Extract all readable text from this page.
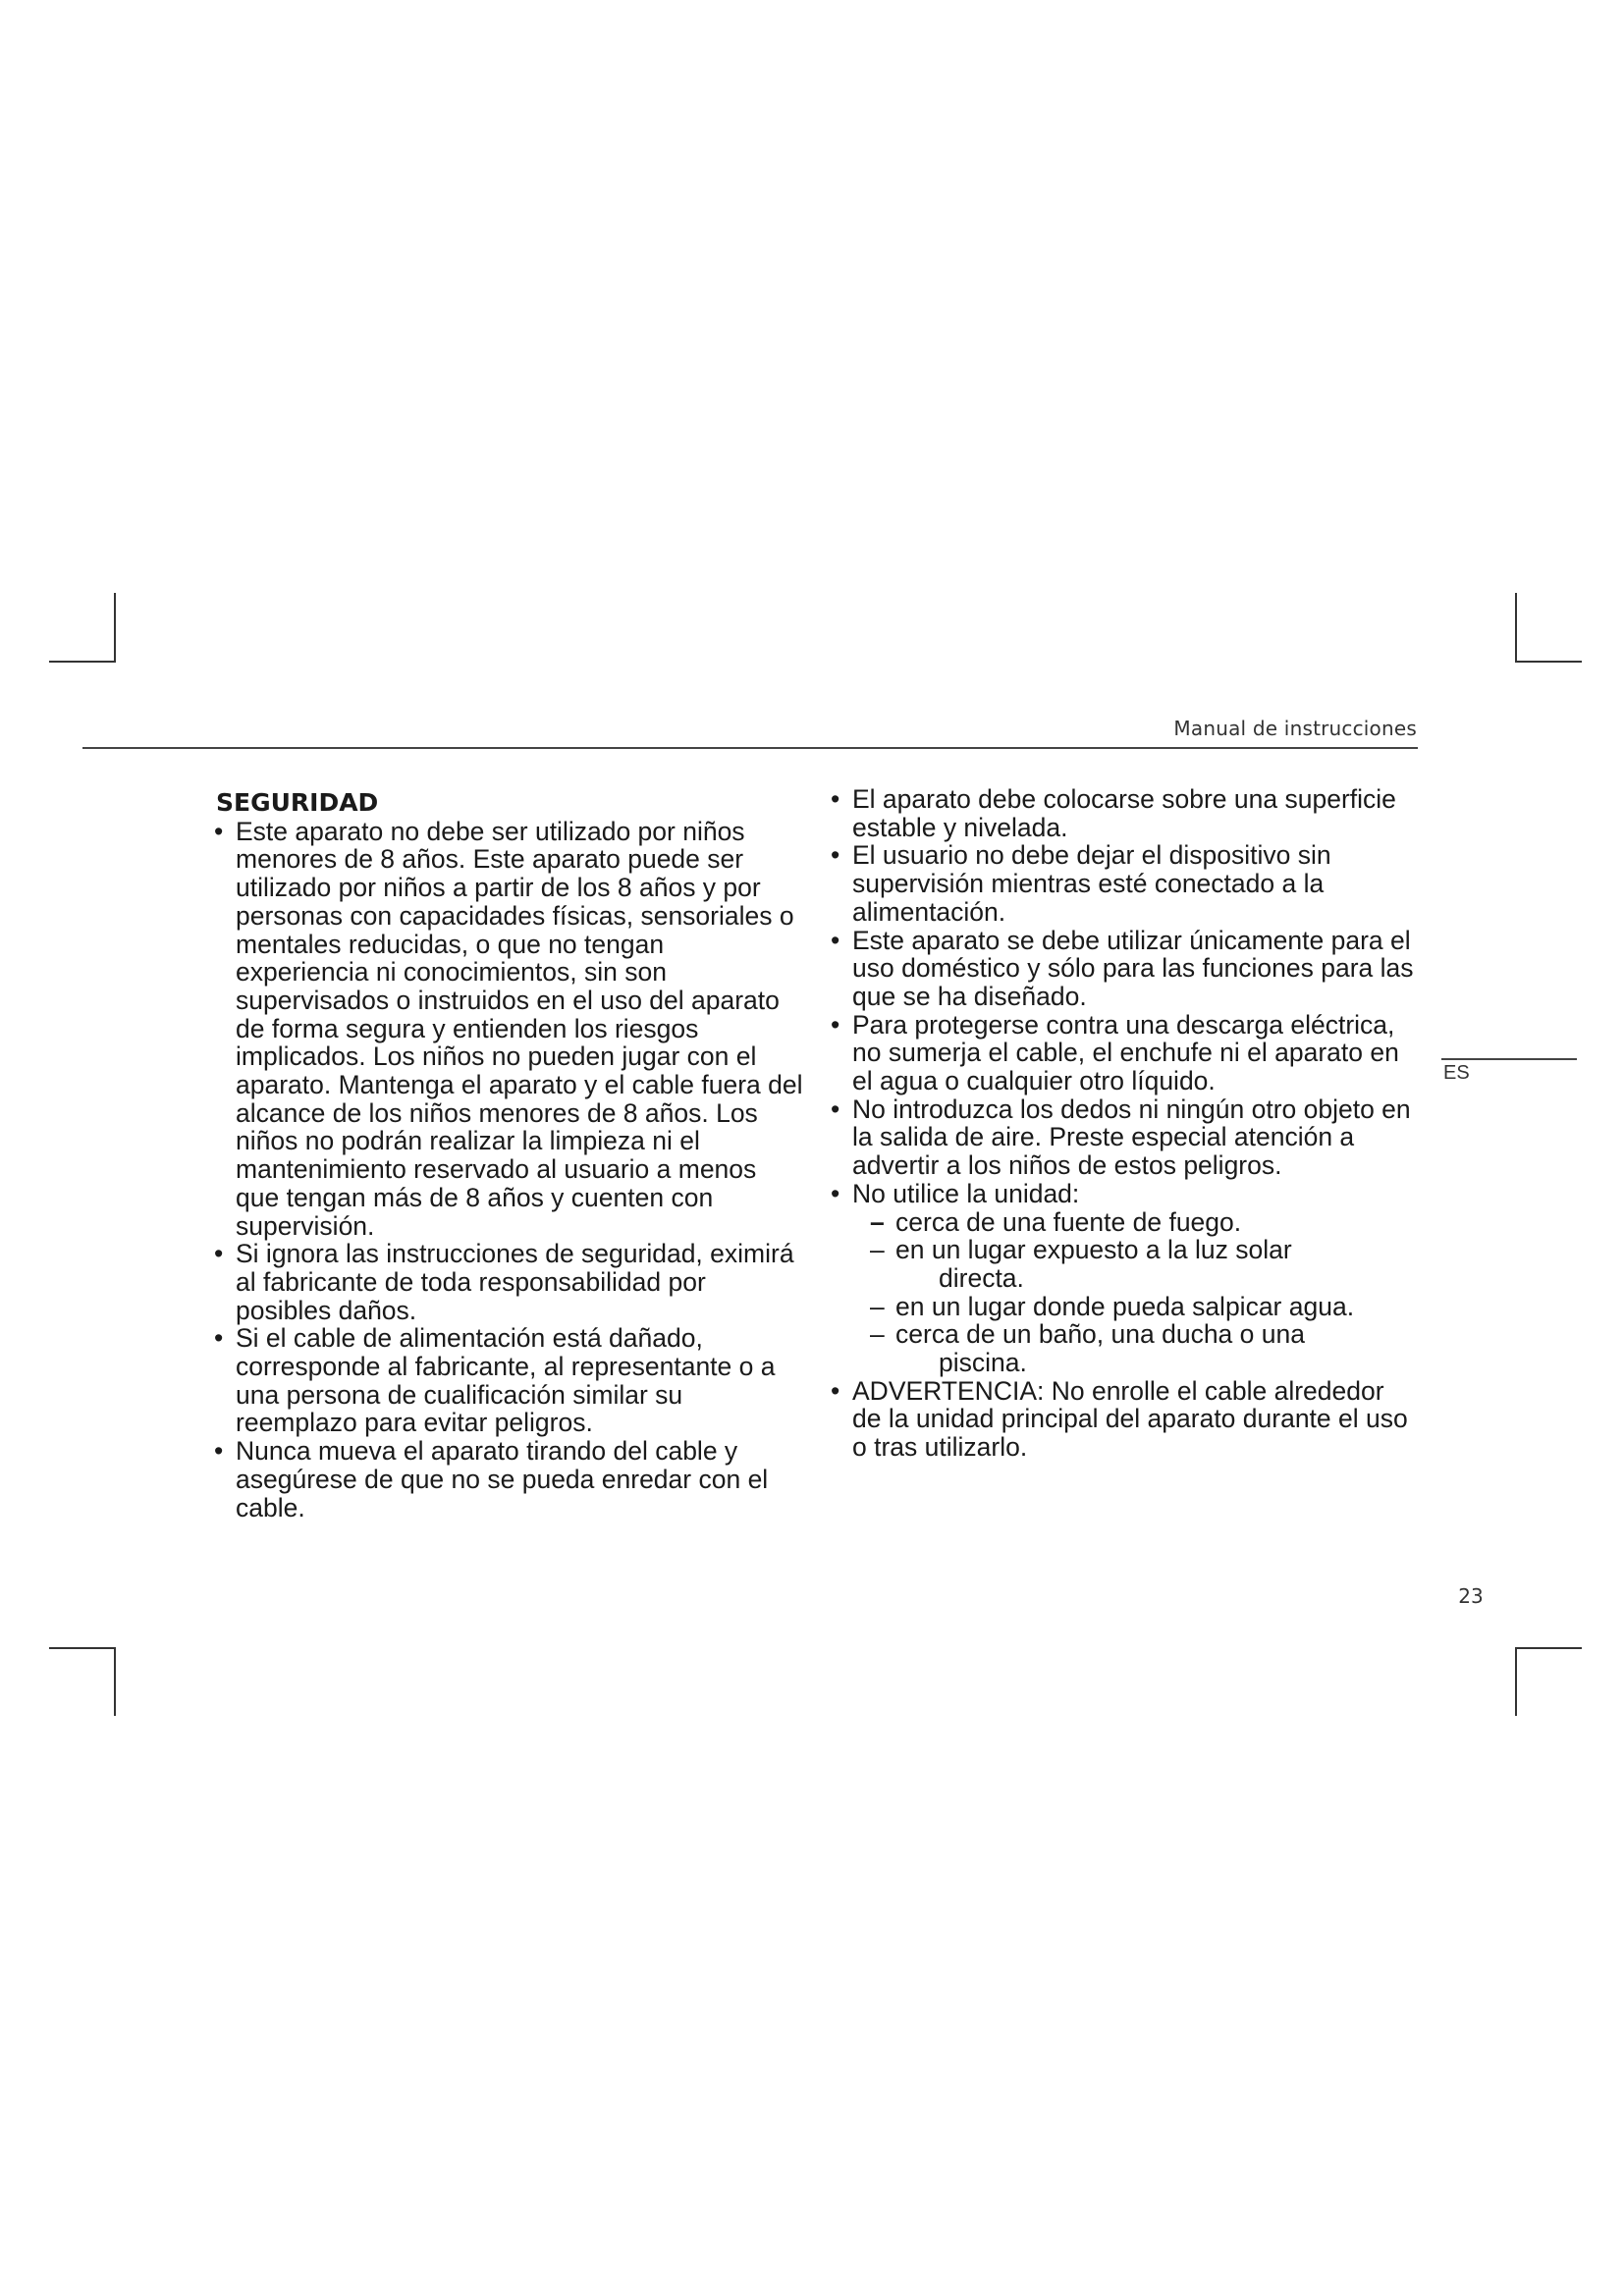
Manual de instrucciones
SEGURIDAD
• Este aparato no debe ser utilizado por niños menores de 8 años. Este aparato puede ser utilizado por niños a partir de los 8 años y por personas con capacidades físicas, sensoriales o mentales reducidas, o que no tengan experiencia ni conocimientos, sin son supervisados o instruidos en el uso del aparato de forma segura y entienden los riesgos implicados. Los niños no pueden jugar con el aparato. Mantenga el aparato y el cable fuera del alcance de los niños menores de 8 años. Los niños no podrán realizar la limpieza ni el mantenimiento reservado al usuario a menos que tengan más de 8 años y cuenten con supervisión.
• Si ignora las instrucciones de seguridad, eximirá al fabricante de toda responsabilidad por posibles daños.
• Si el cable de alimentación está dañado, corresponde al fabricante, al representante o a una persona de cualificación similar su reemplazo para evitar peligros.
• Nunca mueva el aparato tirando del cable y asegúrese de que no se pueda enredar con el cable.
• El aparato debe colocarse sobre una superficie estable y nivelada.
• El usuario no debe dejar el dispositivo sin supervisión mientras esté conectado a la alimentación.
• Este aparato se debe utilizar únicamente para el uso doméstico y sólo para las funciones para las que se ha diseñado.
• Para protegerse contra una descarga eléctrica, no sumerja el cable, el enchufe ni el aparato en el agua o cualquier otro líquido.
• No introduzca los dedos ni ningún otro objeto en la salida de aire. Preste especial atención a advertir a los niños de estos peligros.
• No utilice la unidad:
– cerca de una fuente de fuego.
– en un lugar expuesto a la luz solar
directa.
– en un lugar donde pueda salpicar agua.
– cerca de un baño, una ducha o una
piscina.
• ADVERTENCIA: No enrolle el cable alrededor de la unidad principal del aparato durante el uso o tras utilizarlo.
ES
23
